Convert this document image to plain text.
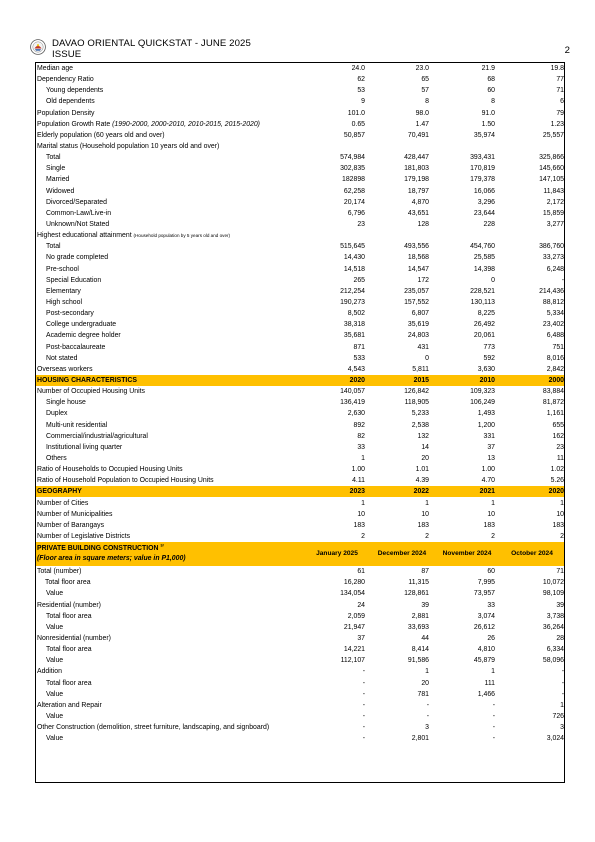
DAVAO ORIENTAL QUICKSTAT - JUNE 2025
ISSUE	2
Median age	24.0	23.0	21.9	19.8
Dependency Ratio	62	65	68	77
Young dependents	53	57	60	71
Old dependents	9	8	8	6
Population Density	101.0	98.0	91.0	79
Population Growth Rate (1990-2000, 2000-2010, 2010-2015, 2015-2020)	0.65	1.47	1.50	1.23
Elderly population (60 years old and over)	50,857	70,491	35,974	25,557
Marital status (Household population 10 years old and over)				
Total	574,984	428,447	393,431	325,866
Single	302,835	181,803	170,819	145,660
Married	182898	179,198	179,378	147,105
Widowed	62,258	18,797	16,066	11,843
Divorced/Separated	20,174	4,870	3,296	2,172
Common-Law/Live-in	6,796	43,651	23,644	15,859
Unknown/Not Stated	23	128	228	3,277
Highest educational attainment (Household population by 5 years old and over)				
Total	515,645	493,556	454,760	386,760
No grade completed	14,430	18,568	25,585	33,273
Pre-school	14,518	14,547	14,398	6,248
Special Education	265	172	0	-
Elementary	212,254	235,057	228,521	214,436
High school	190,273	157,552	130,113	88,812
Post-secondary	8,502	6,807	8,225	5,334
College undergraduate	38,318	35,619	26,492	23,402
Academic degree holder	35,681	24,803	20,061	6,488
Post-baccalaureate	871	431	773	751
Not stated	533	0	592	8,016
Overseas workers	4,543	5,811	3,630	2,842
HOUSING CHARACTERISTICS	2020	2015	2010	2000
Number of Occupied Housing Units	140,057	126,842	109,323	83,884
Single house	136,419	118,905	106,249	81,872
Duplex	2,630	5,233	1,493	1,161
Multi-unit residential	892	2,538	1,200	655
Commercial/industrial/agricultural	82	132	331	162
Institutional living quarter	33	14	37	23
Others	1	20	13	11
Ratio of Households to Occupied Housing Units	1.00	1.01	1.00	1.02
Ratio of Household Population to Occupied Housing Units	4.11	4.39	4.70	5.26
GEOGRAPHY	2023	2022	2021	2020
Number of Cities	1	1	1	1
Number of Municipalities	10	10	10	10
Number of Barangays	183	183	183	183
Number of Legislative Districts	2	2	2	2

PRIVATE BUILDING CONSTRUCTION $^{3/}$
(Floor area in square meters; value in P1,000)	January 2025	December 2024	November 2024	October 2024
Total (number)	61	87	60	71
Total floor area	16,280	11,315	7,995	10,072
Value	134,054	128,861	73,957	98,109
Residential (number)	24	39	33	39
Total floor area	2,059	2,881	3,074	3,738
Value	21,947	33,693	26,612	36,264
Nonresidential (number)	37	44	26	28
Total floor area	14,221	8,414	4,810	6,334
Value	112,107	91,586	45,879	58,096
Addition	-	1	1	-
Total floor area	-	20	111	-
Value	-	781	1,466	-
Alteration and Repair	-	-	-	1
Value	-	-	-	726
Other Construction (demolition, street furniture, landscaping, and signboard)	-	3	-	3
Value	-	2,801	-	3,024
